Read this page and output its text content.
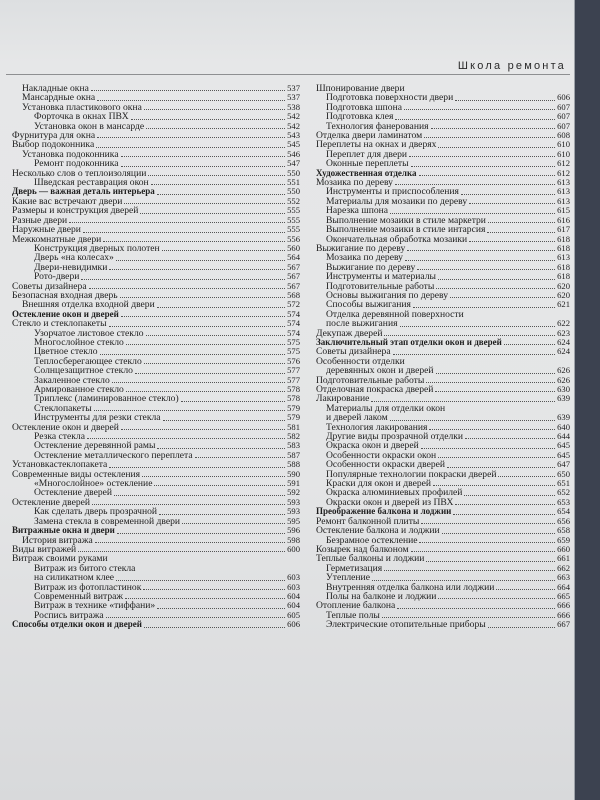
Школа ремонта
Накладные окна	537
Мансардные окна	537
Установка пластикового окна	538
Форточка в окнах ПВХ	542
Установка окон в мансарде	542
Фурнитура для окна	543
Выбор подоконника	545
Установка подоконника	546
Ремонт подоконника	547
Несколько слов о теплоизоляции	550
Шведская реставрация окон	551
Дверь — важная деталь интерьера	550
Какие вас встречают двери	552
Размеры и конструкция дверей	555
Разные двери	555
Наружные двери	555
Межкомнатные двери	556
Конструкция дверных полотен	560
Дверь «на колесах»	564
Двери-невидимки	567
Рото-двери	567
Советы дизайнера	567
Безопасная входная дверь	568
Внешняя отделка входной двери	572
Остекление окон и дверей	574
Стекло и стеклопакеты	574
Узорчатое листовое стекло	574
Многослойное стекло	575
Цветное стекло	575
Теплосберегающее стекло	576
Солнцезащитное стекло	577
Закаленное стекло	577
Армированное стекло	578
Триплекс (ламинированное стекло)	578
Стеклопакеты	579
Инструменты для резки стекла	579
Остекление окон и дверей	581
Резка стекла	582
Остекление деревянной рамы	583
Остекление металлического переплета	587
Установкастеклопакета	588
Современные виды остекления	590
«Многослойное» остекление	591
Остекление дверей	592
Остекление дверей	593
Как сделать дверь прозрачной	593
Замена стекла в современной двери	595
Витражные окна и двери	596
История витража	598
Виды витражей	600
Витраж своими руками
Витраж из битого стекла
на силикатном клее	603
Витраж из фотопластинок	603
Современный витраж	604
Витраж в технике «тиффани»	604
Роспись витража	605
Способы отделки окон и дверей	606
Шпонирование двери
Подготовка поверхности двери	606
Подготовка шпона	607
Подготовка клея	607
Технология фанерования	607
Отделка двери ламинатом	608
Переплеты на окнах и дверях	610
Переплет для двери	610
Оконные переплеты	612
Художественная отделка	612
Мозаика по дереву	613
Инструменты и приспособления	613
Материалы для мозаики по дереву	613
Нарезка шпона	615
Выполнение мозаики в стиле маркетри	616
Выполнение мозаики в стиле интарсия	617
Окончательная обработка мозаики	618
Выжигание по дереву	618
Мозаика по дереву	613
Выжигание по дереву	618
Инструменты и материалы	618
Подготовительные работы	620
Основы выжигания по дереву	620
Способы выжигания	621
Отделка деревянной поверхности
после выжигания	622
Декупаж дверей	623
Заключительный этап отделки окон и дверей	624
Советы дизайнера	624
Особенности отделки
деревянных окон и дверей	626
Подготовительные работы	626
Отделочная покраска дверей	630
Лакирование	639
Материалы для отделки окон
и дверей лаком	639
Технология лакирования	640
Другие виды прозрачной отделки	644
Окраска окон и дверей	645
Особенности окраски окон	645
Особенности окраски дверей	647
Популярные технологии покраски дверей	650
Краски для окон и дверей	651
Окраска алюминиевых профилей	652
Окраски окон и дверей из ПВХ	653
Преображение балкона и лоджии	654
Ремонт балконной плиты	656
Остекление балкона и лоджии	658
Безрамное остекление	659
Козырек над балконом	660
Теплые балконы и лоджии	661
Герметизация	662
Утепление	663
Внутренняя отделка балкона или лоджии	664
Полы на балконе и лоджии	665
Отопление балкона	666
Теплые полы	666
Электрические отопительные приборы	667
